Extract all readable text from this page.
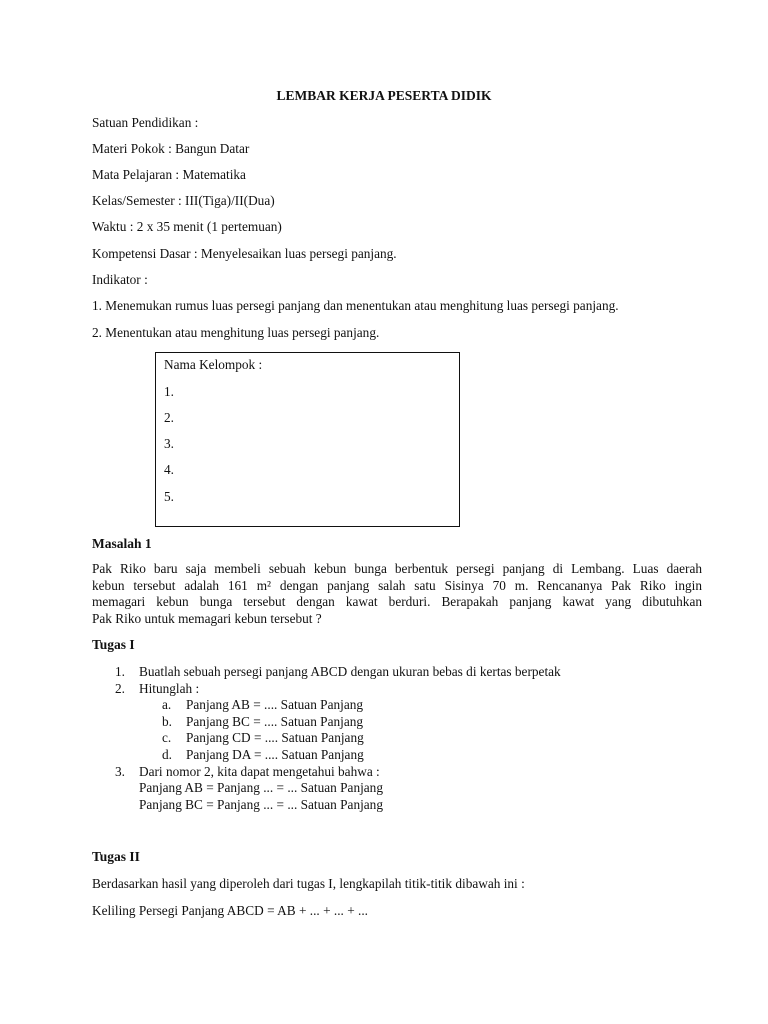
LEMBAR KERJA PESERTA DIDIK

Satuan Pendidikan :

Materi Pokok : Bangun Datar

Mata Pelajaran : Matematika

Kelas/Semester : III(Tiga)/II(Dua)

Waktu : 2 x 35 menit (1 pertemuan)

Kompetensi Dasar : Menyelesaikan luas persegi panjang.

Indikator :

1. Menemukan rumus luas persegi panjang dan menentukan atau menghitung luas persegi panjang.

2. Menentukan atau menghitung luas persegi panjang.

Nama Kelompok :

1.

2.

3.

4.

5.

Masalah 1

Pak Riko baru saja membeli sebuah kebun bunga berbentuk persegi panjang di Lembang. Luas daerah
kebun tersebut adalah 161 m² dengan panjang salah satu Sisinya 70 m. Rencananya Pak Riko ingin
memagari kebun bunga tersebut dengan kawat berduri. Berapakah panjang kawat yang dibutuhkan
Pak Riko untuk memagari kebun tersebut ?

Tugas I

1. Buatlah sebuah persegi panjang ABCD dengan ukuran bebas di kertas berpetak

2. Hitunglah :

a. Panjang AB = .... Satuan Panjang

b. Panjang BC = .... Satuan Panjang

c. Panjang CD = .... Satuan Panjang

d. Panjang DA = .... Satuan Panjang

3. Dari nomor 2, kita dapat mengetahui bahwa :

Panjang AB = Panjang ... = ... Satuan Panjang

Panjang BC = Panjang ... = ... Satuan Panjang

Tugas II

Berdasarkan hasil yang diperoleh dari tugas I, lengkapilah titik-titik dibawah ini :

Keliling Persegi Panjang ABCD = AB + ... + ... + ...
